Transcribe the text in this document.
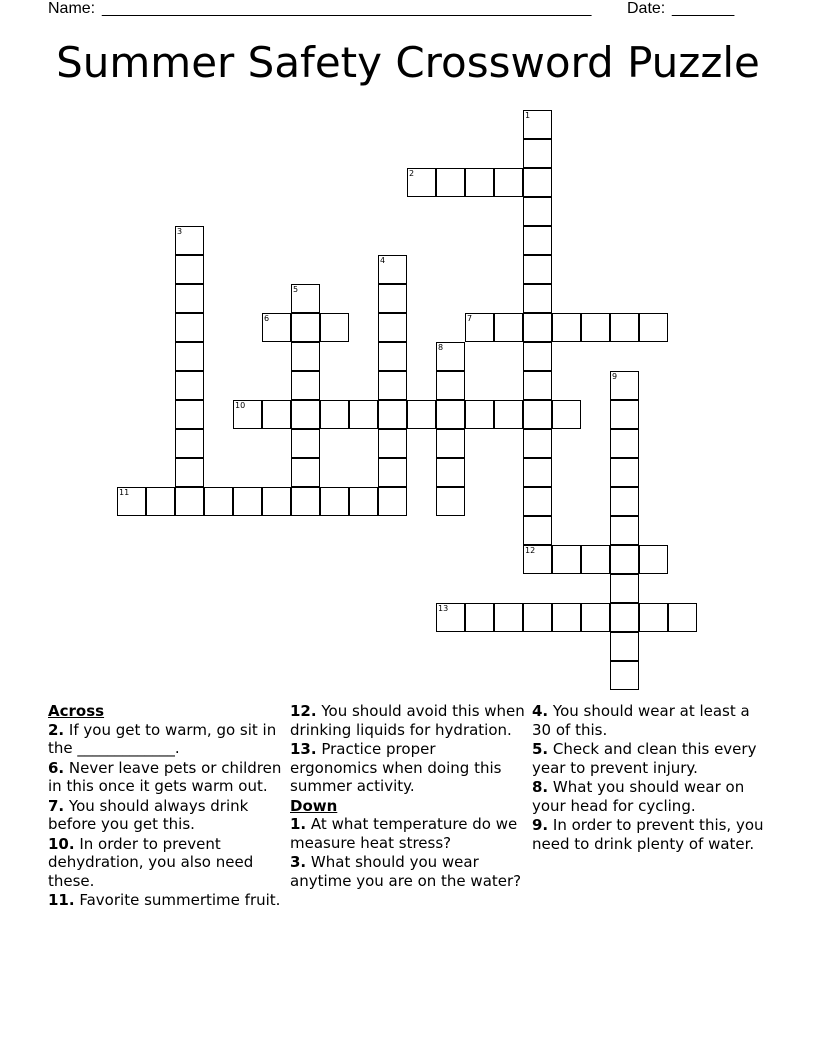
Name: _______________________________________________________ Date: _______
Summer Safety Crossword Puzzle
1
2
3
4
5
6	7
8
9
10
11
12
13
Across
2. If you get to warm, go sit in the _____________.
6. Never leave pets or children in this once it gets warm out.
7. You should always drink before you get this.
10. In order to prevent dehydration, you also need these.
11. Favorite summertime fruit.
12. You should avoid this when drinking liquids for hydration.
13. Practice proper ergonomics when doing this summer activity.
Down
1. At what temperature do we measure heat stress?
3. What should you wear anytime you are on the water?
4. You should wear at least a 30 of this.
5. Check and clean this every year to prevent injury.
8. What you should wear on your head for cycling.
9. In order to prevent this, you need to drink plenty of water.
